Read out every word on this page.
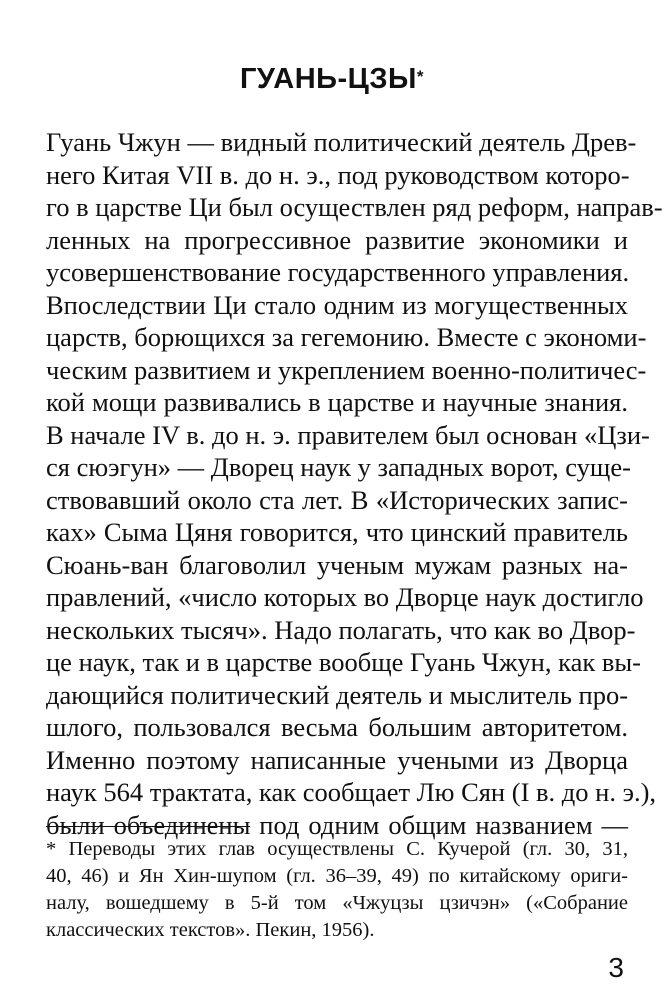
ГУАНЬ-ЦЗЫ*
Гуань Чжун — видный политический деятель Древ-
него Китая VII в. до н. э., под руководством которо-
го в царстве Ци был осуществлен ряд реформ, направ-
ленных на прогрессивное развитие экономики и
усовершенствование государственного управления.
Впоследствии Ци стало одним из могущественных
царств, борющихся за гегемонию. Вместе с экономи-
ческим развитием и укреплением военно-политичес-
кой мощи развивались в царстве и научные знания.
В начале IV в. до н. э. правителем был основан «Цзи-
ся сюэгун» — Дворец наук у западных ворот, суще-
ствовавший около ста лет. В «Исторических запис-
ках» Сыма Цяня говорится, что цинский правитель
Сюань-ван благоволил ученым мужам разных на-
правлений, «число которых во Дворце наук достигло
нескольких тысяч». Надо полагать, что как во Двор-
це наук, так и в царстве вообще Гуань Чжун, как вы-
дающийся политический деятель и мыслитель про-
шлого, пользовался весьма большим авторитетом.
Именно поэтому написанные учеными из Дворца
наук 564 трактата, как сообщает Лю Сян (I в. до н. э.),
были объединены под одним общим названием —
* Переводы этих глав осуществлены С. Кучерой (гл. 30, 31,
40, 46) и Ян Хин-шупом (гл. 36–39, 49) по китайскому ориги-
налу, вошедшему в 5-й том «Чжуцзы цзичэн» («Собрание
классических текстов». Пекин, 1956).
3
